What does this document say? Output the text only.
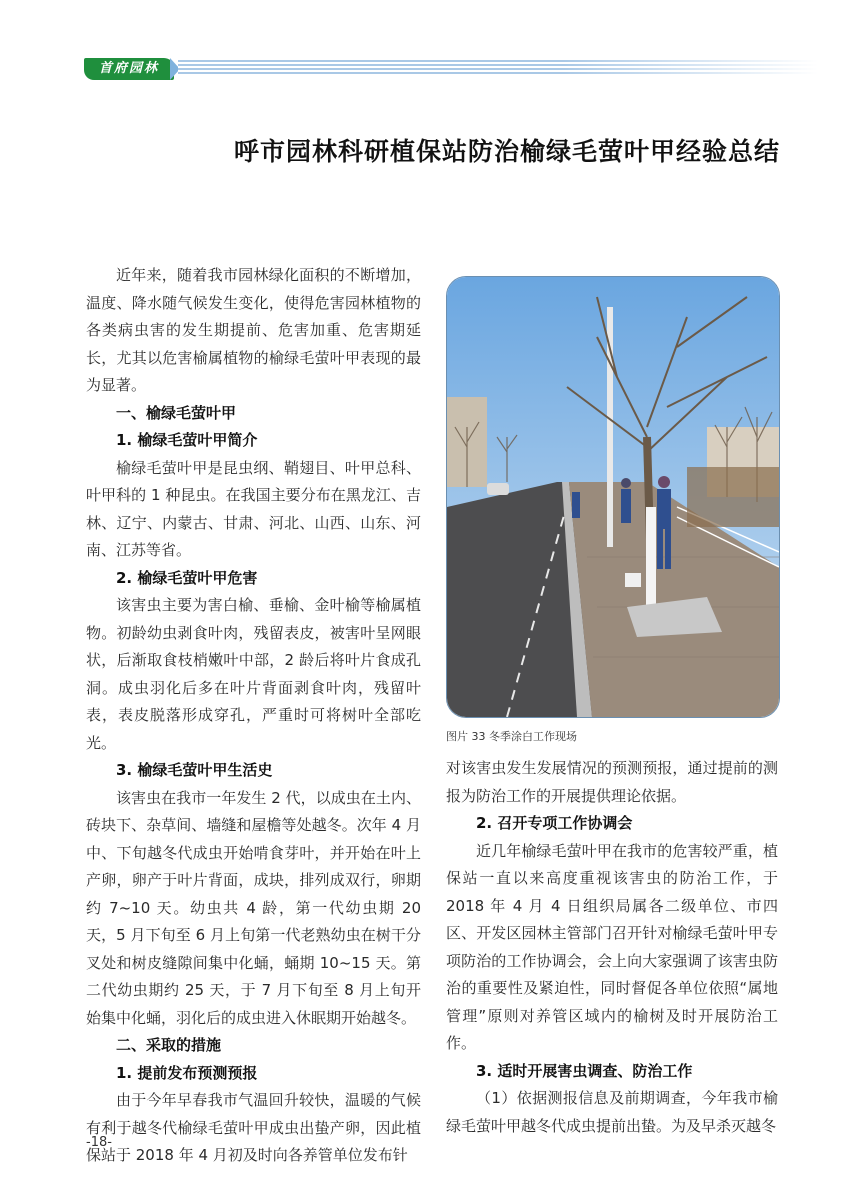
首府园林
呼市园林科研植保站防治榆绿毛萤叶甲经验总结

近年来，随着我市园林绿化面积的不断增加，温度、降水随气候发生变化，使得危害园林植物的各类病虫害的发生期提前、危害加重、危害期延长，尤其以危害榆属植物的榆绿毛萤叶甲表现的最为显著。

一、榆绿毛萤叶甲

1. 榆绿毛萤叶甲简介

榆绿毛萤叶甲是昆虫纲、鞘翅目、叶甲总科、叶甲科的 1 种昆虫。在我国主要分布在黑龙江、吉林、辽宁、内蒙古、甘肃、河北、山西、山东、河南、江苏等省。

2. 榆绿毛萤叶甲危害

该害虫主要为害白榆、垂榆、金叶榆等榆属植物。初龄幼虫剥食叶肉，残留表皮，被害叶呈网眼状，后渐取食枝梢嫩叶中部，2 龄后将叶片食成孔洞。成虫羽化后多在叶片背面剥食叶肉，残留叶表，表皮脱落形成穿孔，严重时可将树叶全部吃光。

3. 榆绿毛萤叶甲生活史

该害虫在我市一年发生 2 代，以成虫在土内、砖块下、杂草间、墙缝和屋檐等处越冬。次年 4 月中、下旬越冬代成虫开始啃食芽叶，并开始在叶上产卵，卵产于叶片背面，成块，排列成双行，卵期约 7~10 天。幼虫共 4 龄，第一代幼虫期 20 天，5 月下旬至 6 月上旬第一代老熟幼虫在树干分叉处和树皮缝隙间集中化蛹，蛹期 10~15 天。第二代幼虫期约 25 天，于 7 月下旬至 8 月上旬开始集中化蛹，羽化后的成虫进入休眠期开始越冬。

二、采取的措施

1. 提前发布预测预报

由于今年早春我市气温回升较快，温暖的气候有利于越冬代榆绿毛萤叶甲成虫出蛰产卵，因此植保站于 2018 年 4 月初及时向各养管单位发布针

图片 33 冬季涂白工作现场

对该害虫发生发展情况的预测预报，通过提前的测报为防治工作的开展提供理论依据。

2. 召开专项工作协调会

近几年榆绿毛萤叶甲在我市的危害较严重，植保站一直以来高度重视该害虫的防治工作，于 2018 年 4 月 4 日组织局属各二级单位、市四区、开发区园林主管部门召开针对榆绿毛萤叶甲专项防治的工作协调会，会上向大家强调了该害虫防治的重要性及紧迫性，同时督促各单位依照“属地管理”原则对养管区域内的榆树及时开展防治工作。

3. 适时开展害虫调查、防治工作

（1）依据测报信息及前期调查，今年我市榆绿毛萤叶甲越冬代成虫提前出蛰。为及早杀灭越冬

-18-
